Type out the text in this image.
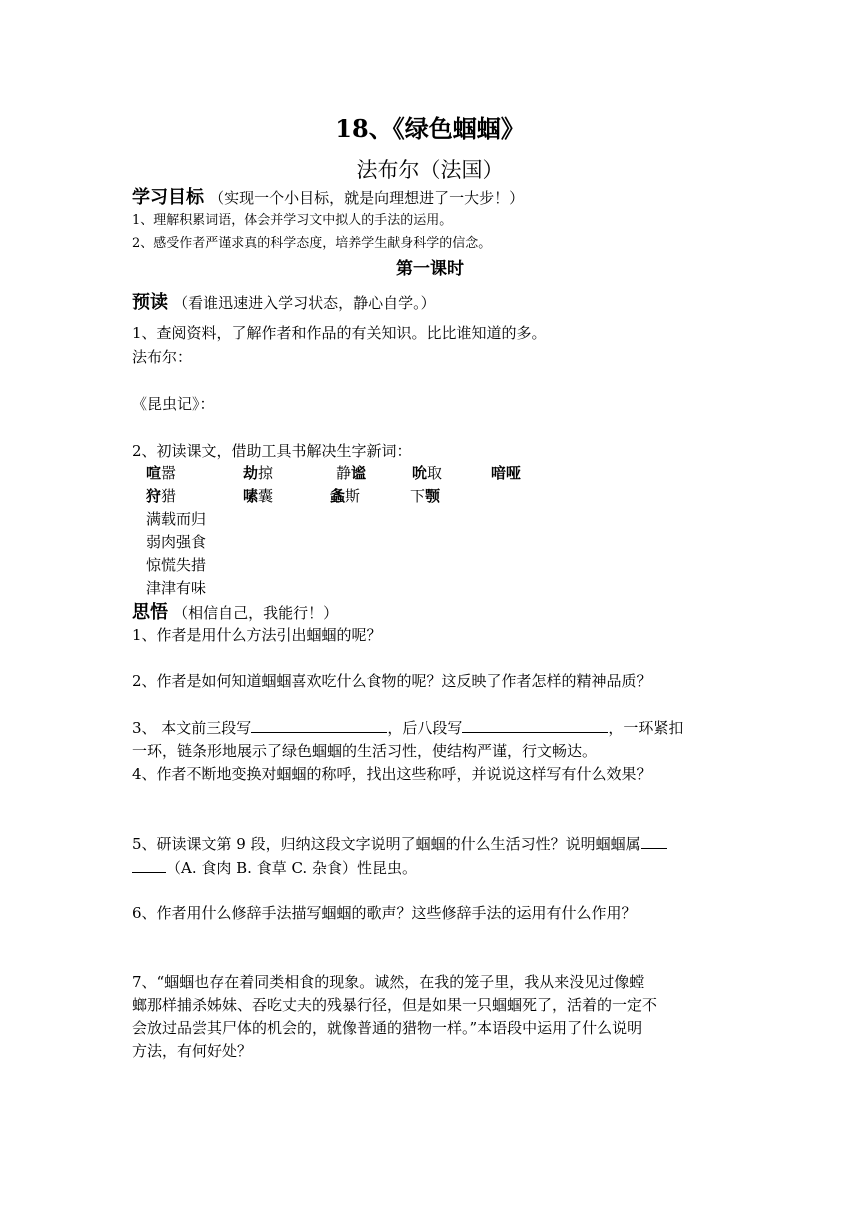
18、《绿色蝈蝈》
法布尔（法国）
学习目标 （实现一个小目标，就是向理想进了一大步！）
1、理解积累词语，体会并学习文中拟人的手法的运用。
2、感受作者严谨求真的科学态度，培养学生献身科学的信念。
第一课时
预读 （看谁迅速进入学习状态，静心自学。）
1、查阅资料，了解作者和作品的有关知识。比比谁知道的多。
法布尔：
《昆虫记》：
2、初读课文，借助工具书解决生字新词：
喧嚣	劫掠	静谧	吮取	喑哑
狩猎	嗉囊	螽斯	下颚
满载而归
弱肉强食
惊慌失措
津津有味
思悟 （相信自己，我能行！）
1、作者是用什么方法引出蝈蝈的呢？
2、作者是如何知道蝈蝈喜欢吃什么食物的呢？这反映了作者怎样的精神品质？
3、 本文前三段写	，后八段写	，一环紧扣
一环，链条形地展示了绿色蝈蝈的生活习性，使结构严谨，行文畅达。
4、作者不断地变换对蝈蝈的称呼，找出这些称呼，并说说这样写有什么效果？
5、研读课文第 9 段，归纳这段文字说明了蝈蝈的什么生活习性？说明蝈蝈属
（A. 食肉 B. 食草 C. 杂食）性昆虫。
6、作者用什么修辞手法描写蝈蝈的歌声？这些修辞手法的运用有什么作用？
7、“蝈蝈也存在着同类相食的现象。诚然，在我的笼子里，我从来没见过像螳
螂那样捕杀姊妹、吞吃丈夫的残暴行径，但是如果一只蝈蝈死了，活着的一定不
会放过品尝其尸体的机会的，就像普通的猎物一样。”本语段中运用了什么说明
方法，有何好处？
